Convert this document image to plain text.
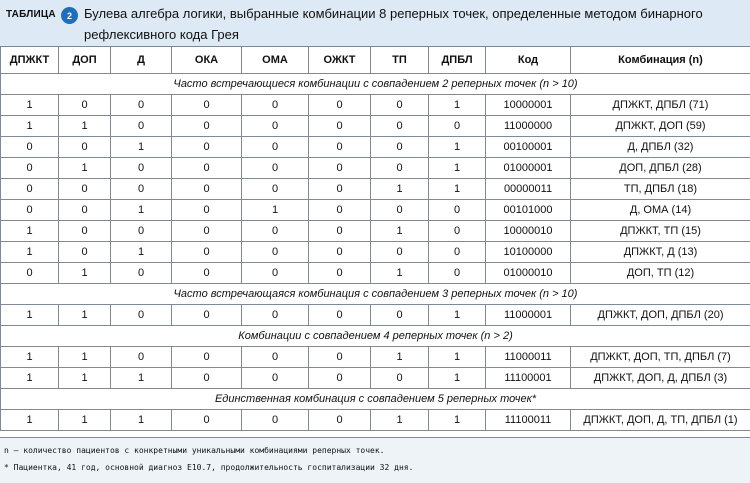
ТАБЛИЦА	2 Булева алгебра логики, выбранные комбинации 8 реперных точек, определенные методом бинарного рефлексивного кода Грея
ДПЖКТ	ДОП	Д	ОКА	ОМА	ОЖКТ	ТП	ДПБЛ	Код	Комбинация (n)
Часто встречающиеся комбинации с совпадением 2 реперных точек (n > 10)									
1	0	0	0	0	0	0	1	10000001	ДПЖКТ, ДПБЛ (71)
1	1	0	0	0	0	0	0	11000000	ДПЖКТ, ДОП (59)
0	0	1	0	0	0	0	1	00100001	Д, ДПБЛ (32)
0	1	0	0	0	0	0	1	01000001	ДОП, ДПБЛ (28)
0	0	0	0	0	0	1	1	00000011	ТП, ДПБЛ (18)
0	0	1	0	1	0	0	0	00101000	Д, ОМА (14)
1	0	0	0	0	0	1	0	10000010	ДПЖКТ, ТП (15)
1	0	1	0	0	0	0	0	10100000	ДПЖКТ, Д (13)
0	1	0	0	0	0	1	0	01000010	ДОП, ТП (12)
Часто встречающаяся комбинация с совпадением 3 реперных точек (n > 10)									
1	1	0	0	0	0	0	1	11000001	ДПЖКТ, ДОП, ДПБЛ (20)
Комбинации с совпадением 4 реперных точек (n > 2)									
1	1	0	0	0	0	1	1	11000011	ДПЖКТ, ДОП, ТП, ДПБЛ (7)
1	1	1	0	0	0	0	1	11100001	ДПЖКТ, ДОП, Д, ДПБЛ (3)
Единственная комбинация с совпадением 5 реперных точек*									
1	1	1	0	0	0	1	1	11100011	ДПЖКТ, ДОП, Д, ТП, ДПБЛ (1)
n – количество пациентов с конкретными уникальными комбинациями реперных точек.
* Пациентка, 41 год, основной диагноз E10.7, продолжительность госпитализации 32 дня.
